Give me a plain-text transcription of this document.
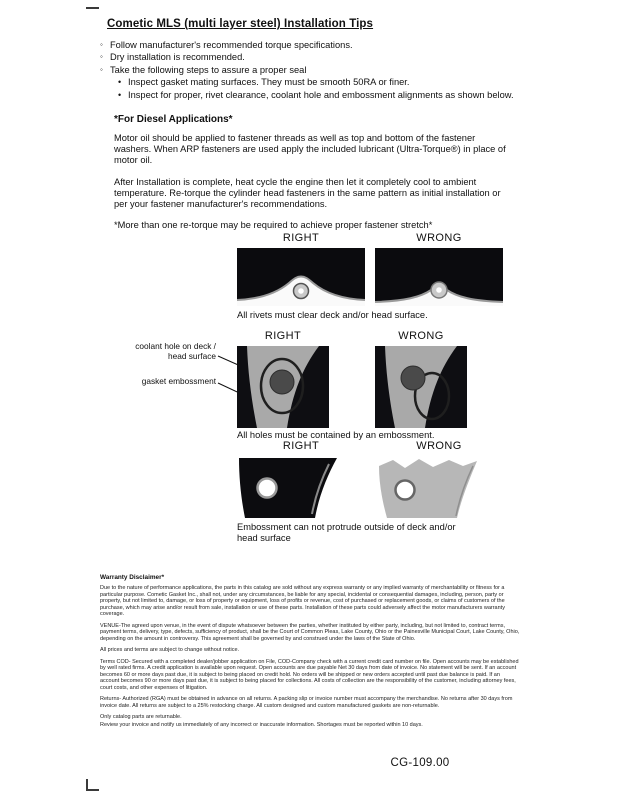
Cometic MLS (multi layer steel) Installation Tips
◦ Follow manufacturer's recommended torque specifications.
◦ Dry installation is recommended.
◦ Take the following steps to assure a proper seal
• Inspect gasket mating surfaces. They must be smooth 50RA or finer.
• Inspect for proper, rivet clearance, coolant hole and embossment alignments as shown below.
*For Diesel Applications*

Motor oil should be applied to fastener threads as well as top and bottom of the fastener washers. When ARP fasteners are used apply the included lubricant (Ultra-Torque®) in place of motor oil.

After Installation is complete, heat cycle the engine then let it completely cool to ambient temperature. Re-torque the cylinder head fasteners in the same pattern as initial installation or per your fastener manufacturer's recommendations.

*More than one re-torque may be required to achieve proper fastener stretch*
RIGHT	WRONG
All rivets must clear deck and/or head surface.
RIGHT	WRONG
coolant hole on deck / head surface
gasket embossment
All holes must be contained by an embossment.
RIGHT	WRONG
Embossment can not protrude outside of deck and/or head surface
Warranty Disclaimer*

Due to the nature of performance applications, the parts in this catalog are sold without any express warranty or any implied warranty of merchantability or fitness for a particular purpose. Cometic Gasket Inc., shall not, under any circumstances, be liable for any special, incidental or consequential damages, including, person, party or property, but not limited to, damage, or loss of property or equipment, loss of profits or revenue, cost of purchased or replacement goods, or claims of customers of the purchase, which may arise and/or result from sale, installation or use of these parts. Installation of these parts could adversely affect the motor manufacturers warranty coverage.

VENUE-The agreed upon venue, in the event of dispute whatsoever between the parties, whether instituted by either party, including, but not limited to, contract terms, payment terms, delivery, type, defects, sufficiency of product, shall be the Court of Common Pleas, Lake County, Ohio or the Painesville Municipal Court, Lake County, Ohio, depending on the amount in controversy. This agreement shall be governed by and construed under the laws of the State of Ohio.

All prices and terms are subject to change without notice.

Terms COD- Secured with a completed dealer/jobber application on File, COD-Company check with a current credit card number on file. Open accounts may be established by well rated firms. A credit application is available upon request. Open accounts are due payable Net 30 days from date of invoice. No statement will be sent. If an account becomes 60 or more days past due, it is subject to being placed on credit hold. No orders will be shipped or new orders accepted until past due balance is paid. If an account becomes 90 or more days past due, it is subject to being placed for collections. All costs of collection are the responsibility of the customer, including attorney fees, court costs, and other expenses of litigation.

Returns- Authorized (RGA) must be obtained in advance on all returns. A packing slip or invoice number must accompany the merchandise. No returns after 30 days from invoice date. All returns are subject to a 25% restocking charge. All custom designed and custom manufactured gaskets are non-returnable.

Only catalog parts are returnable.

Review your invoice and notify us immediately of any incorrect or inaccurate information. Shortages must be reported within 10 days.

CG-109.00
